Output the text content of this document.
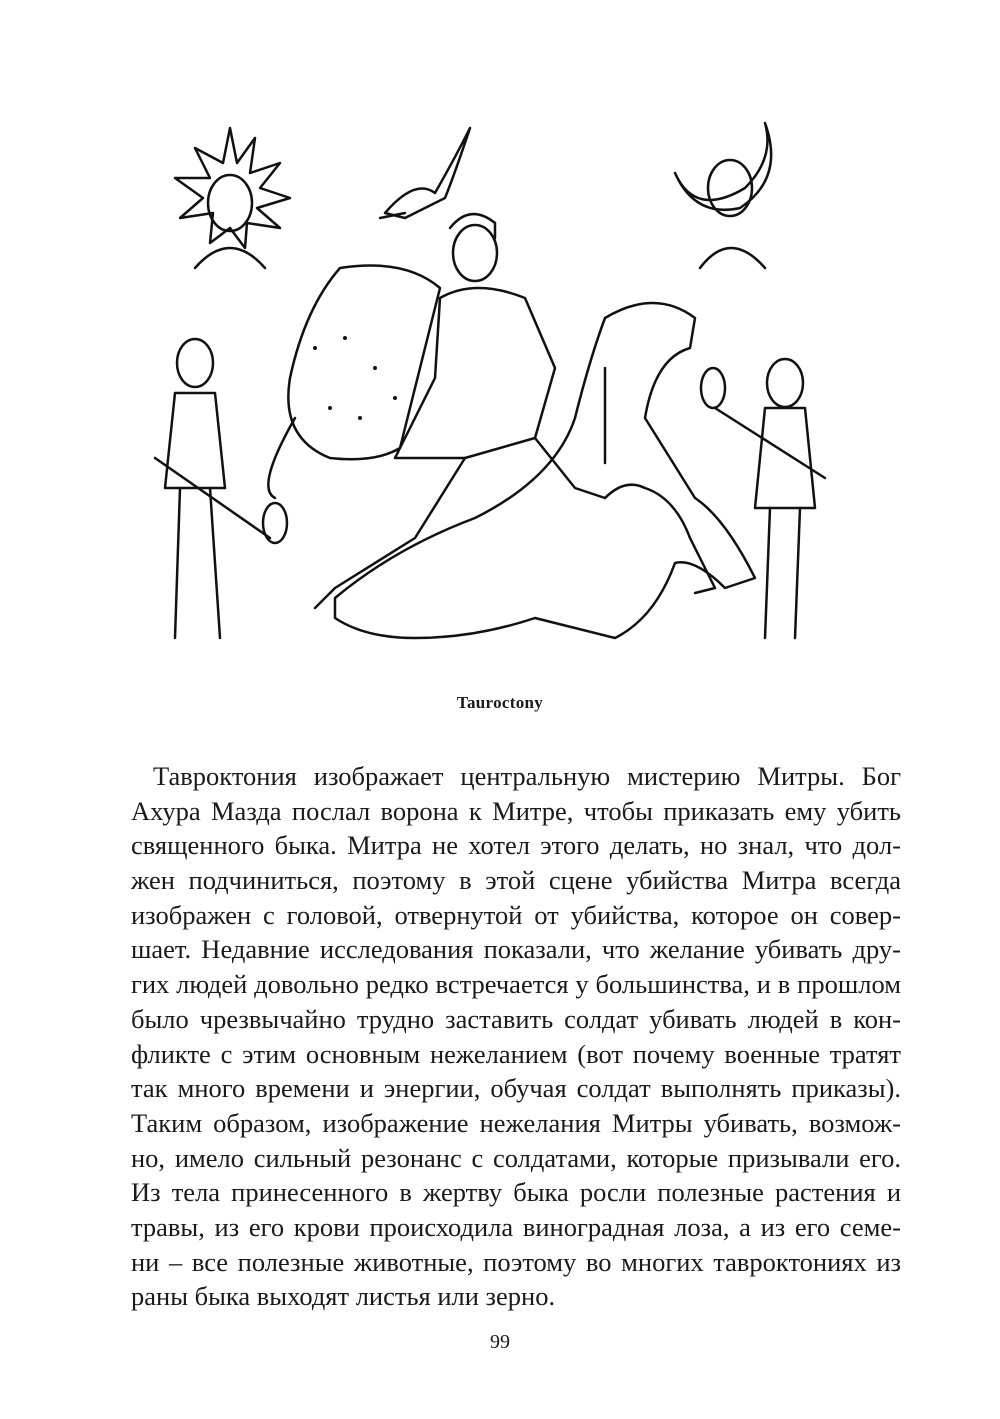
Tauroctony
Тавроктония изображает центральную мистерию Митры. Бог
Ахура Мазда послал ворона к Митре, чтобы приказать ему убить
священного быка. Митра не хотел этого делать, но знал, что дол-
жен подчиниться, поэтому в этой сцене убийства Митра всегда
изображен с головой, отвернутой от убийства, которое он совер-
шает. Недавние исследования показали, что желание убивать дру-
гих людей довольно редко встречается у большинства, и в прошлом
было чрезвычайно трудно заставить солдат убивать людей в кон-
фликте с этим основным нежеланием (вот почему военные тратят
так много времени и энергии, обучая солдат выполнять приказы).
Таким образом, изображение нежелания Митры убивать, возмож-
но, имело сильный резонанс с солдатами, которые призывали его.
Из тела принесенного в жертву быка росли полезные растения и
травы, из его крови происходила виноградная лоза, а из его семе-
ни – все полезные животные, поэтому во многих тавроктониях из
раны быка выходят листья или зерно.
99
